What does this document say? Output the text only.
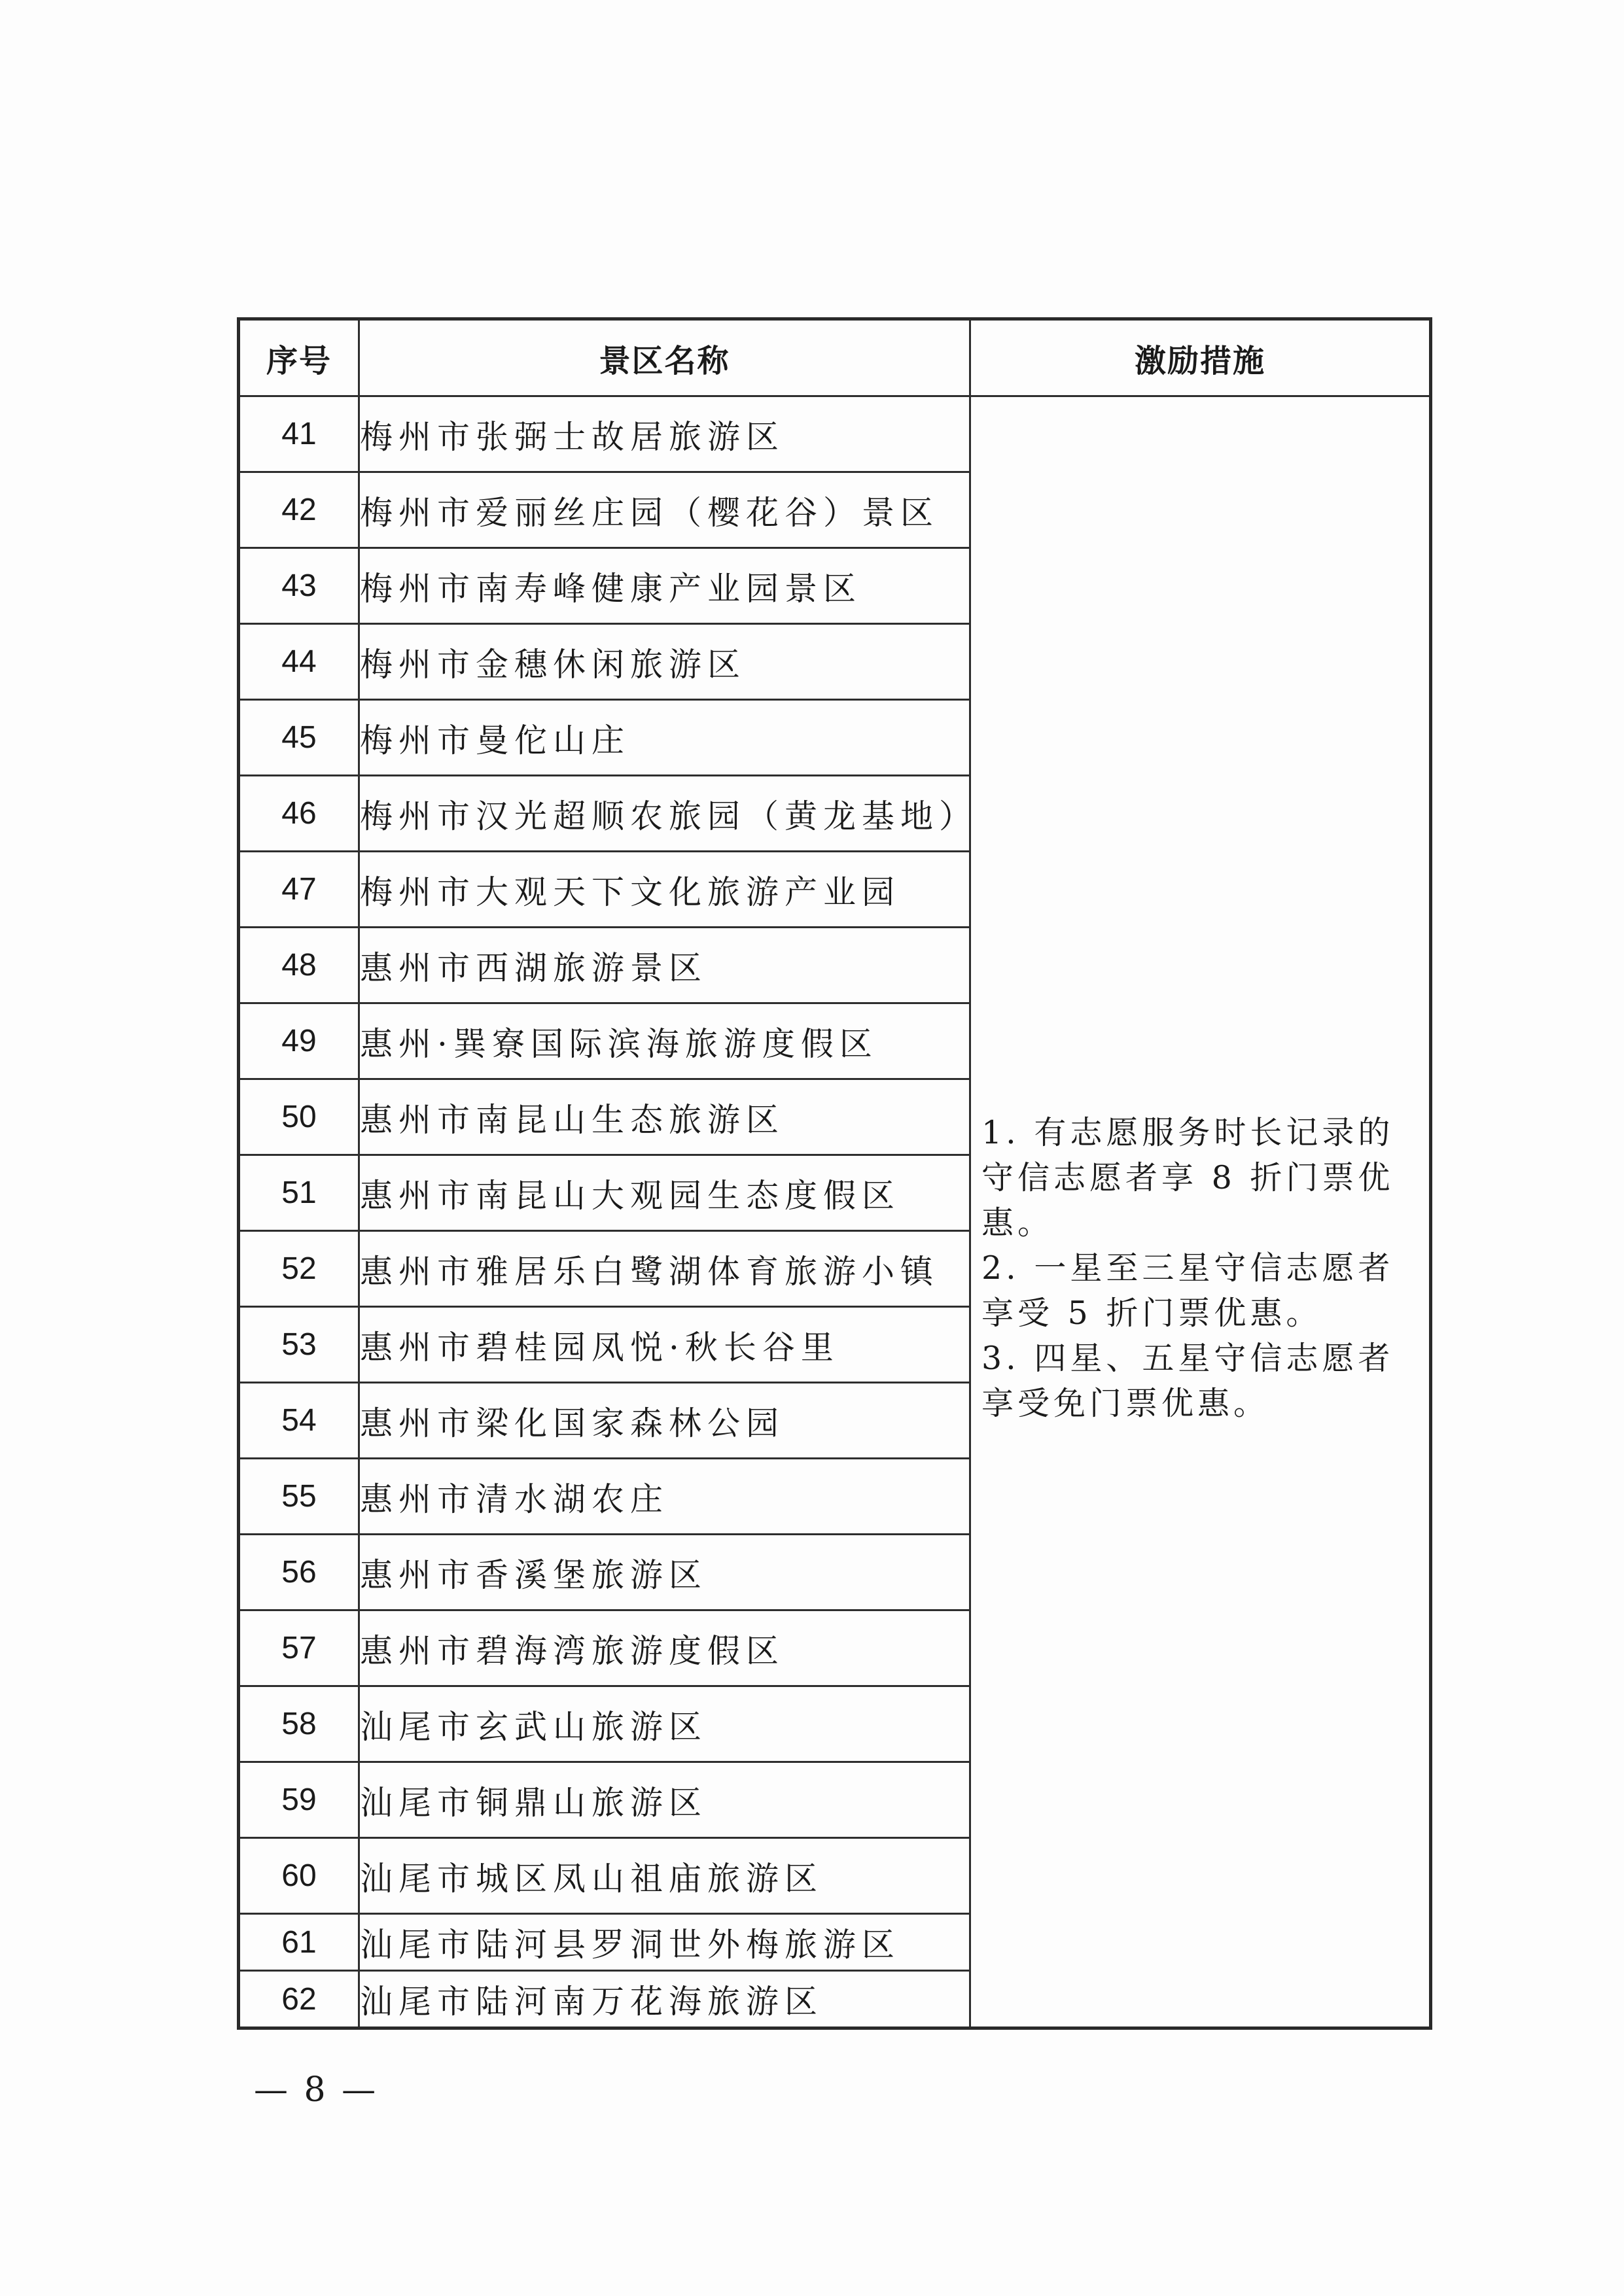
序号	景区名称	激励措施
41	梅州市张弼士故居旅游区	1. 有志愿服务时长记录的守信志愿者享 8 折门票优惠。

2. 一星至三星守信志愿者享受 5 折门票优惠。

3. 四星、五星守信志愿者享受免门票优惠。

42	梅州市爱丽丝庄园（樱花谷）景区	
43	梅州市南寿峰健康产业园景区	
44	梅州市金穗休闲旅游区	
45	梅州市曼佗山庄	
46	梅州市汉光超顺农旅园（黄龙基地）	
47	梅州市大观天下文化旅游产业园	
48	惠州市西湖旅游景区	
49	惠州·巽寮国际滨海旅游度假区	
50	惠州市南昆山生态旅游区	
51	惠州市南昆山大观园生态度假区	
52	惠州市雅居乐白鹭湖体育旅游小镇	
53	惠州市碧桂园凤悦·秋长谷里	
54	惠州市梁化国家森林公园	
55	惠州市清水湖农庄	
56	惠州市香溪堡旅游区	
57	惠州市碧海湾旅游度假区	
58	汕尾市玄武山旅游区	
59	汕尾市铜鼎山旅游区	
60	汕尾市城区凤山祖庙旅游区	
61	汕尾市陆河县罗洞世外梅旅游区	
62	汕尾市陆河南万花海旅游区	
— 8 —
